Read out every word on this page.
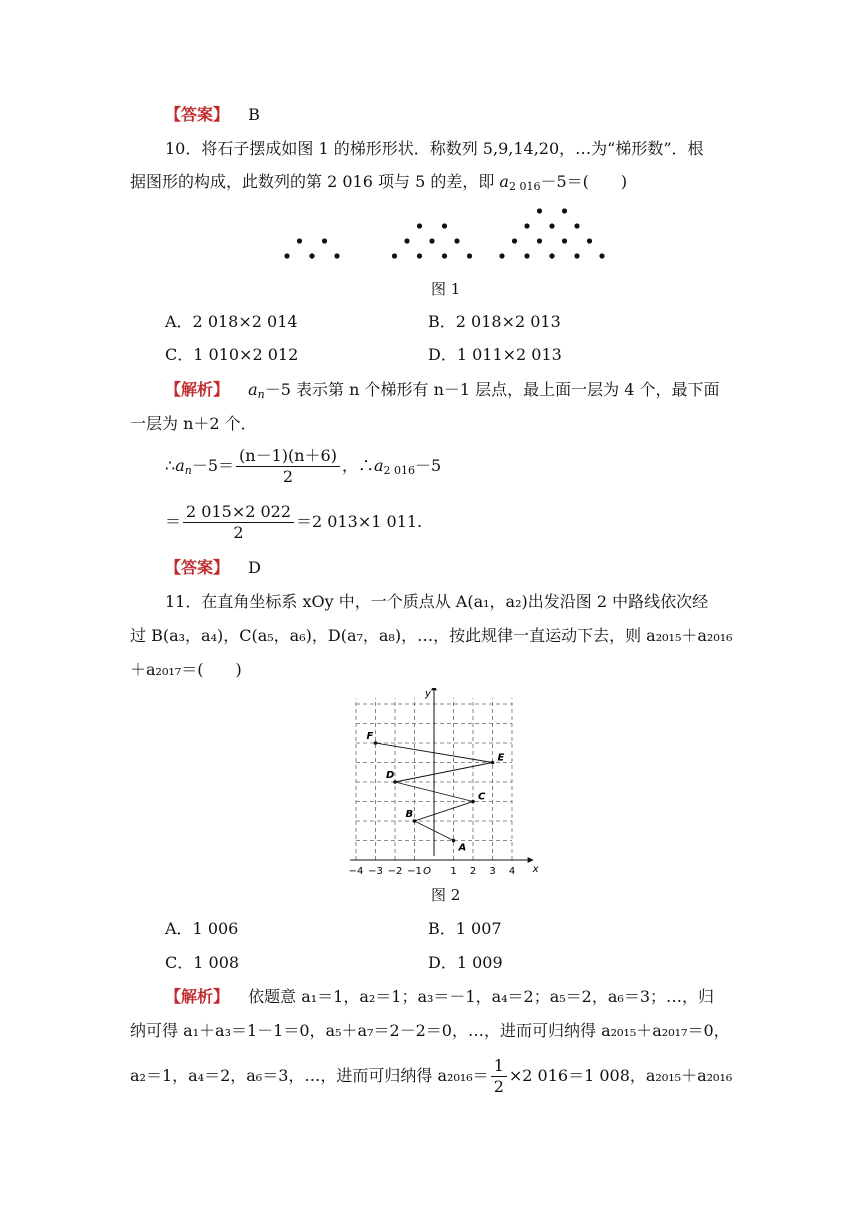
【答案】 B
10．将石子摆成如图 1 的梯形形状．称数列 5,9,14,20，…为“梯形数”．根
据图形的构成，此数列的第 2 016 项与 5 的差，即 $a_{2 016}-5=$(　　)
图 1
A．2 018×2 014	B．2 018×2 013
C．1 010×2 012	D．1 011×2 013
【解析】 $a_n-5$ 表示第 n 个梯形有 n－1 层点，最上面一层为 4 个，最下面
一层为 n＋2 个．
$\therefore a_n-5= \frac{(n-1)(n+6)}{2}$ ，$\therefore a_{2 016}-5$
＝ $\frac{2 015\times 2 022}{2} =2$ 013×1 011.
【答案】 D
11．在直角坐标系 xOy 中，一个质点从 A(a₁，a₂)出发沿图 2 中路线依次经
过 B(a₃，a₄)，C(a₅，a₆)，D(a₇，a₈)，…，按此规律一直运动下去，则 a₂₀₁₅＋a₂₀₁₆
＋a₂₀₁₇＝(　　)
−4 −3 −2 −1 O 1 2 3 4 x
y
A
B
C
D
E
F
图 2
A．1 006	B．1 007
C．1 008	D．1 009
【解析】 依题意 a₁＝1，a₂＝1；a₃＝－1，a₄＝2；a₅＝2，a₆＝3；…，归
纳可得 a₁＋a₃＝1－1＝0，a₅＋a₇＝2－2＝0，…，进而可归纳得 a₂₀₁₅＋a₂₀₁₇＝0，
a₂＝1，a₄＝2，a₆＝3，…，进而可归纳得 $a_{2016}= \frac{1}{2} \times 2$ 016＝1 008，a₂₀₁₅＋a₂₀₁₆
